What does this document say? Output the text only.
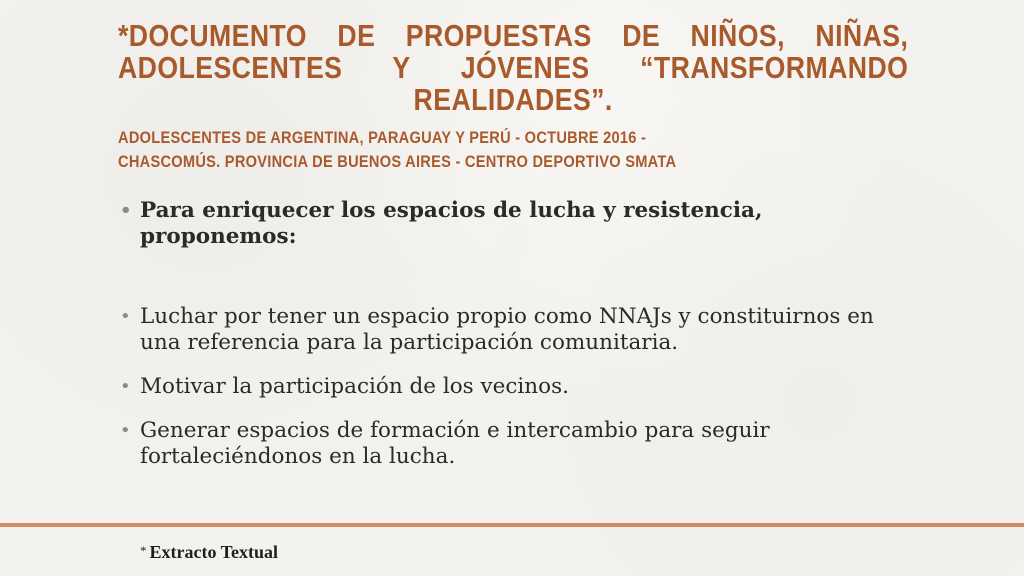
*DOCUMENTO DE PROPUESTAS DE NIÑOS, NIÑAS, ADOLESCENTES Y JÓVENES “TRANSFORMANDO REALIDADES”.
ADOLESCENTES DE ARGENTINA, PARAGUAY Y PERÚ - OCTUBRE 2016 -
CHASCOMÚS. PROVINCIA DE BUENOS AIRES - CENTRO DEPORTIVO SMATA
• Para enriquecer los espacios de lucha y resistencia, proponemos:
• Luchar por tener un espacio propio como NNAJs y constituirnos en una referencia para la participación comunitaria.
• Motivar la participación de los vecinos.
• Generar espacios de formación e intercambio para seguir fortaleciéndonos en la lucha.
* Extracto Textual
